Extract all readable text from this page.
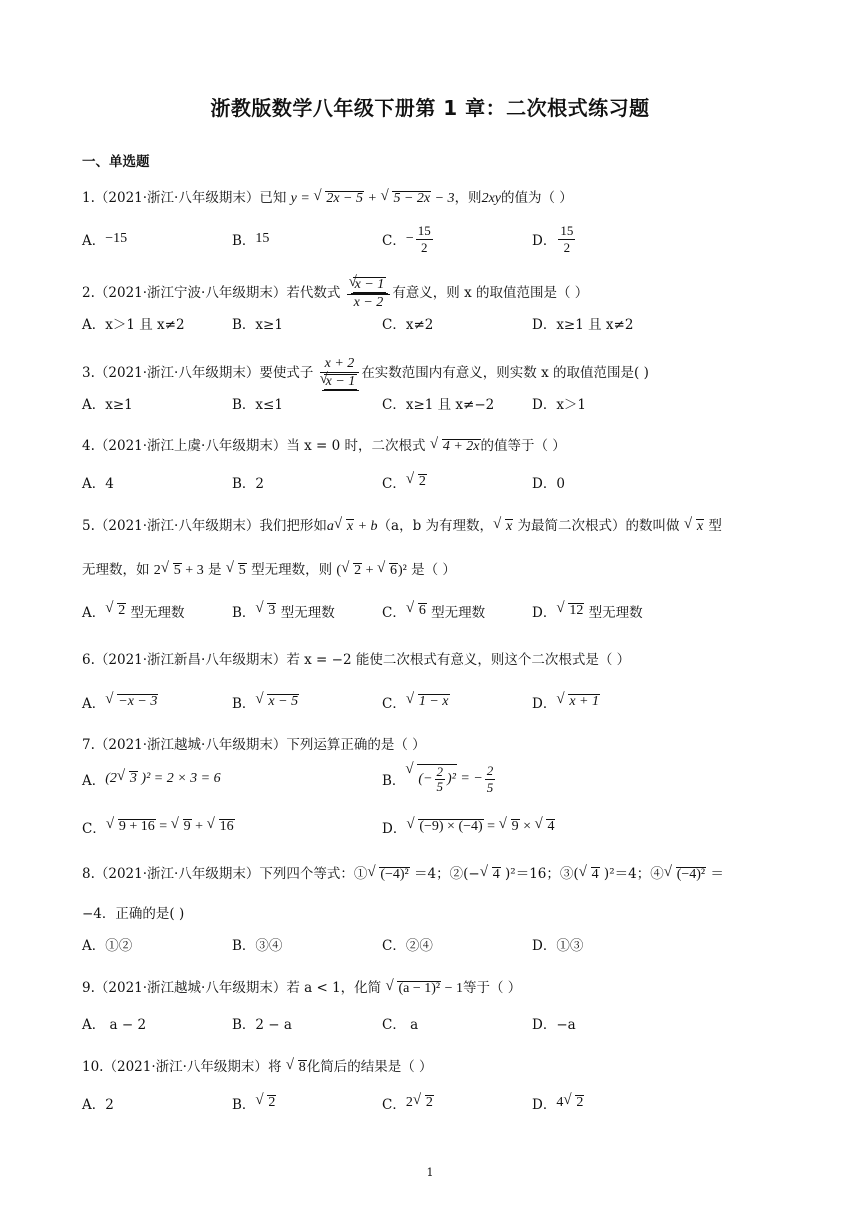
浙教版数学八年级下册第 1 章：二次根式练习题
一、单选题
1.（2021·浙江·八年级期末）已知 y = √ 2x − 5 + √ 5 − 2x − 3，则2xy的值为（ ）
A． −15	B． 15	C． − $\frac{15}{2}$	D． $\frac{15}{2}$
2.（2021·浙江宁波·八年级期末）若代数式 √ $\frac{x - 1}{x - 2}$ 有意义，则 x 的取值范围是（ ）
A．x＞1 且 x≠2	B．x≥1	C．x≠2	D．x≥1 且 x≠2
3.（2021·浙江·八年级期末）要使式子 x + 2
√ x − 1 在实数范围内有意义，则实数 x 的取值范围是( )
A．x≥1	B．x≤1	C．x≥1 且 x≠−2	D．x＞1
4.（2021·浙江上虞·八年级期末）当 x = 0 时，二次根式 √ 4 + 2x的值等于（ ）
A．4	B．2	C． √ 2	D．0
5.（2021·浙江·八年级期末）我们把形如a √ x + b（a，b 为有理数， √ x 为最简二次根式）的数叫做 √ x 型
无理数，如 2 √ 5 + 3 是 √ 5 型无理数，则 ( √ 2 + √ 6)² 是（ ）
A． √ 2 型无理数	B． √ 3 型无理数	C． √ 6 型无理数	D． √ 12 型无理数
6.（2021·浙江新昌·八年级期末）若 x = −2 能使二次根式有意义，则这个二次根式是（ ）
A． √ −x − 3	B． √ x − 5	C． √ 1 − x	D． √ x + 1
7.（2021·浙江越城·八年级期末）下列运算正确的是（ ）
A． (2 √ 3 )² = 2 × 3 = 6	B． √ (− $\frac{2}{5} )^2$ = − $\frac{2}{5}$
C． √ 9 + 16 = √ 9 + √ 16	D． √ (−9) × (−4) = √ 9 × √ 4
8.（2021·浙江·八年级期末）下列四个等式：① √ (−4)² ＝4；②(− √ 4 )²＝16；③( √ 4 )²＝4；④ √ (−4)² ＝
−4．正确的是( )
A．①②	B．③④	C．②④	D．①③
9.（2021·浙江越城·八年级期末）若 a < 1，化简 √ (a − 1)² − 1等于（ ）
A． a − 2	B．2 − a	C． a	D．−a
10.（2021·浙江·八年级期末）将 √ 8化简后的结果是（ ）
A．2	B． √ 2	C． 2 √ 2	D． 4 √ 2
1
